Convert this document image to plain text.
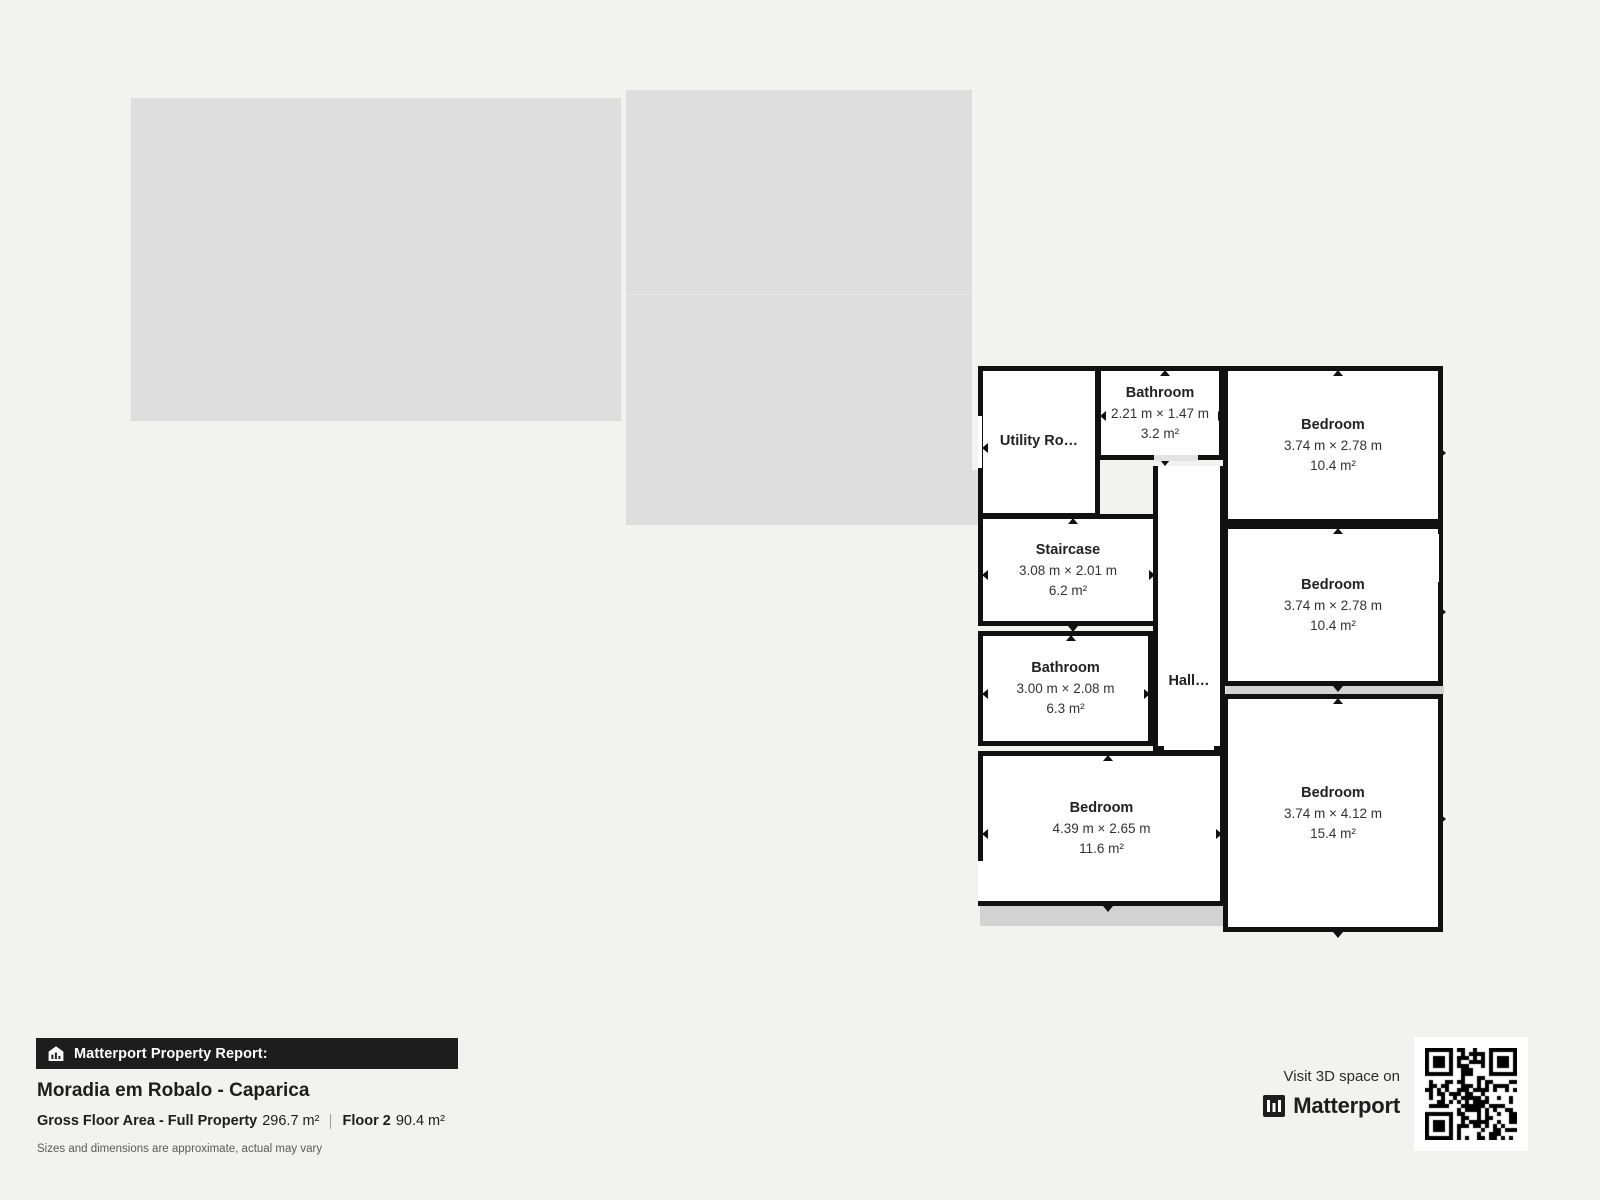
Utility Ro…
Bathroom
2.21 m × 1.47 m
3.2 m²
Bedroom
3.74 m × 2.78 m
10.4 m²
Staircase
3.08 m × 2.01 m
6.2 m²	Bedroom
3.74 m × 2.78 m
10.4 m²
Bathroom
3.00 m × 2.08 m
6.3 m²
Hall…
Bedroom
3.74 m × 4.12 m
15.4 m²
Bedroom
4.39 m × 2.65 m
11.6 m²
Matterport Property Report:
Moradia em Robalo - Caparica
Gross Floor Area - Full Property 296.7 m² Floor 2 90.4 m²
Sizes and dimensions are approximate, actual may vary
Visit 3D space on
Matterport
